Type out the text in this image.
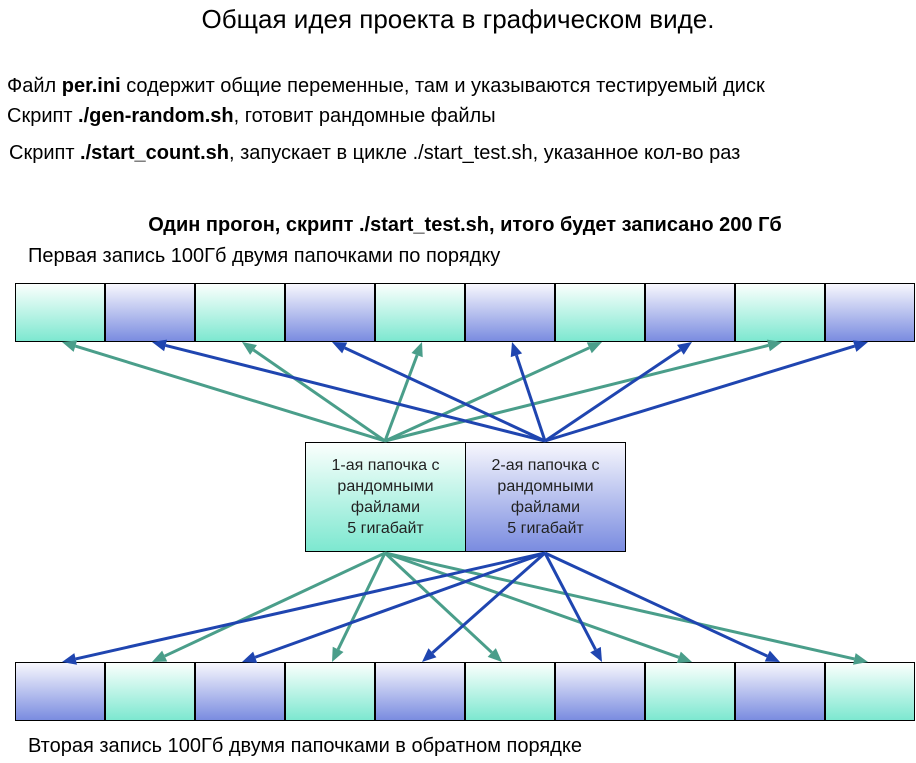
Общая идея проекта в графическом виде.
Файл per.ini содержит общие переменные, там и указываются тестируемый диск
Скрипт ./gen-random.sh, готовит рандомные файлы
Скрипт ./start_count.sh, запускает в цикле ./start_test.sh, указанное кол-во раз
Один прогон, скрипт ./start_test.sh, итого будет записано 200 Гб
Первая запись 100Гб двумя папочками по порядку
Вторая запись 100Гб двумя папочками в обратном порядке
1-ая папочка с
рандомными
файлами
5 гигабайт
2-ая папочка с
рандомными
файлами
5 гигабайт
